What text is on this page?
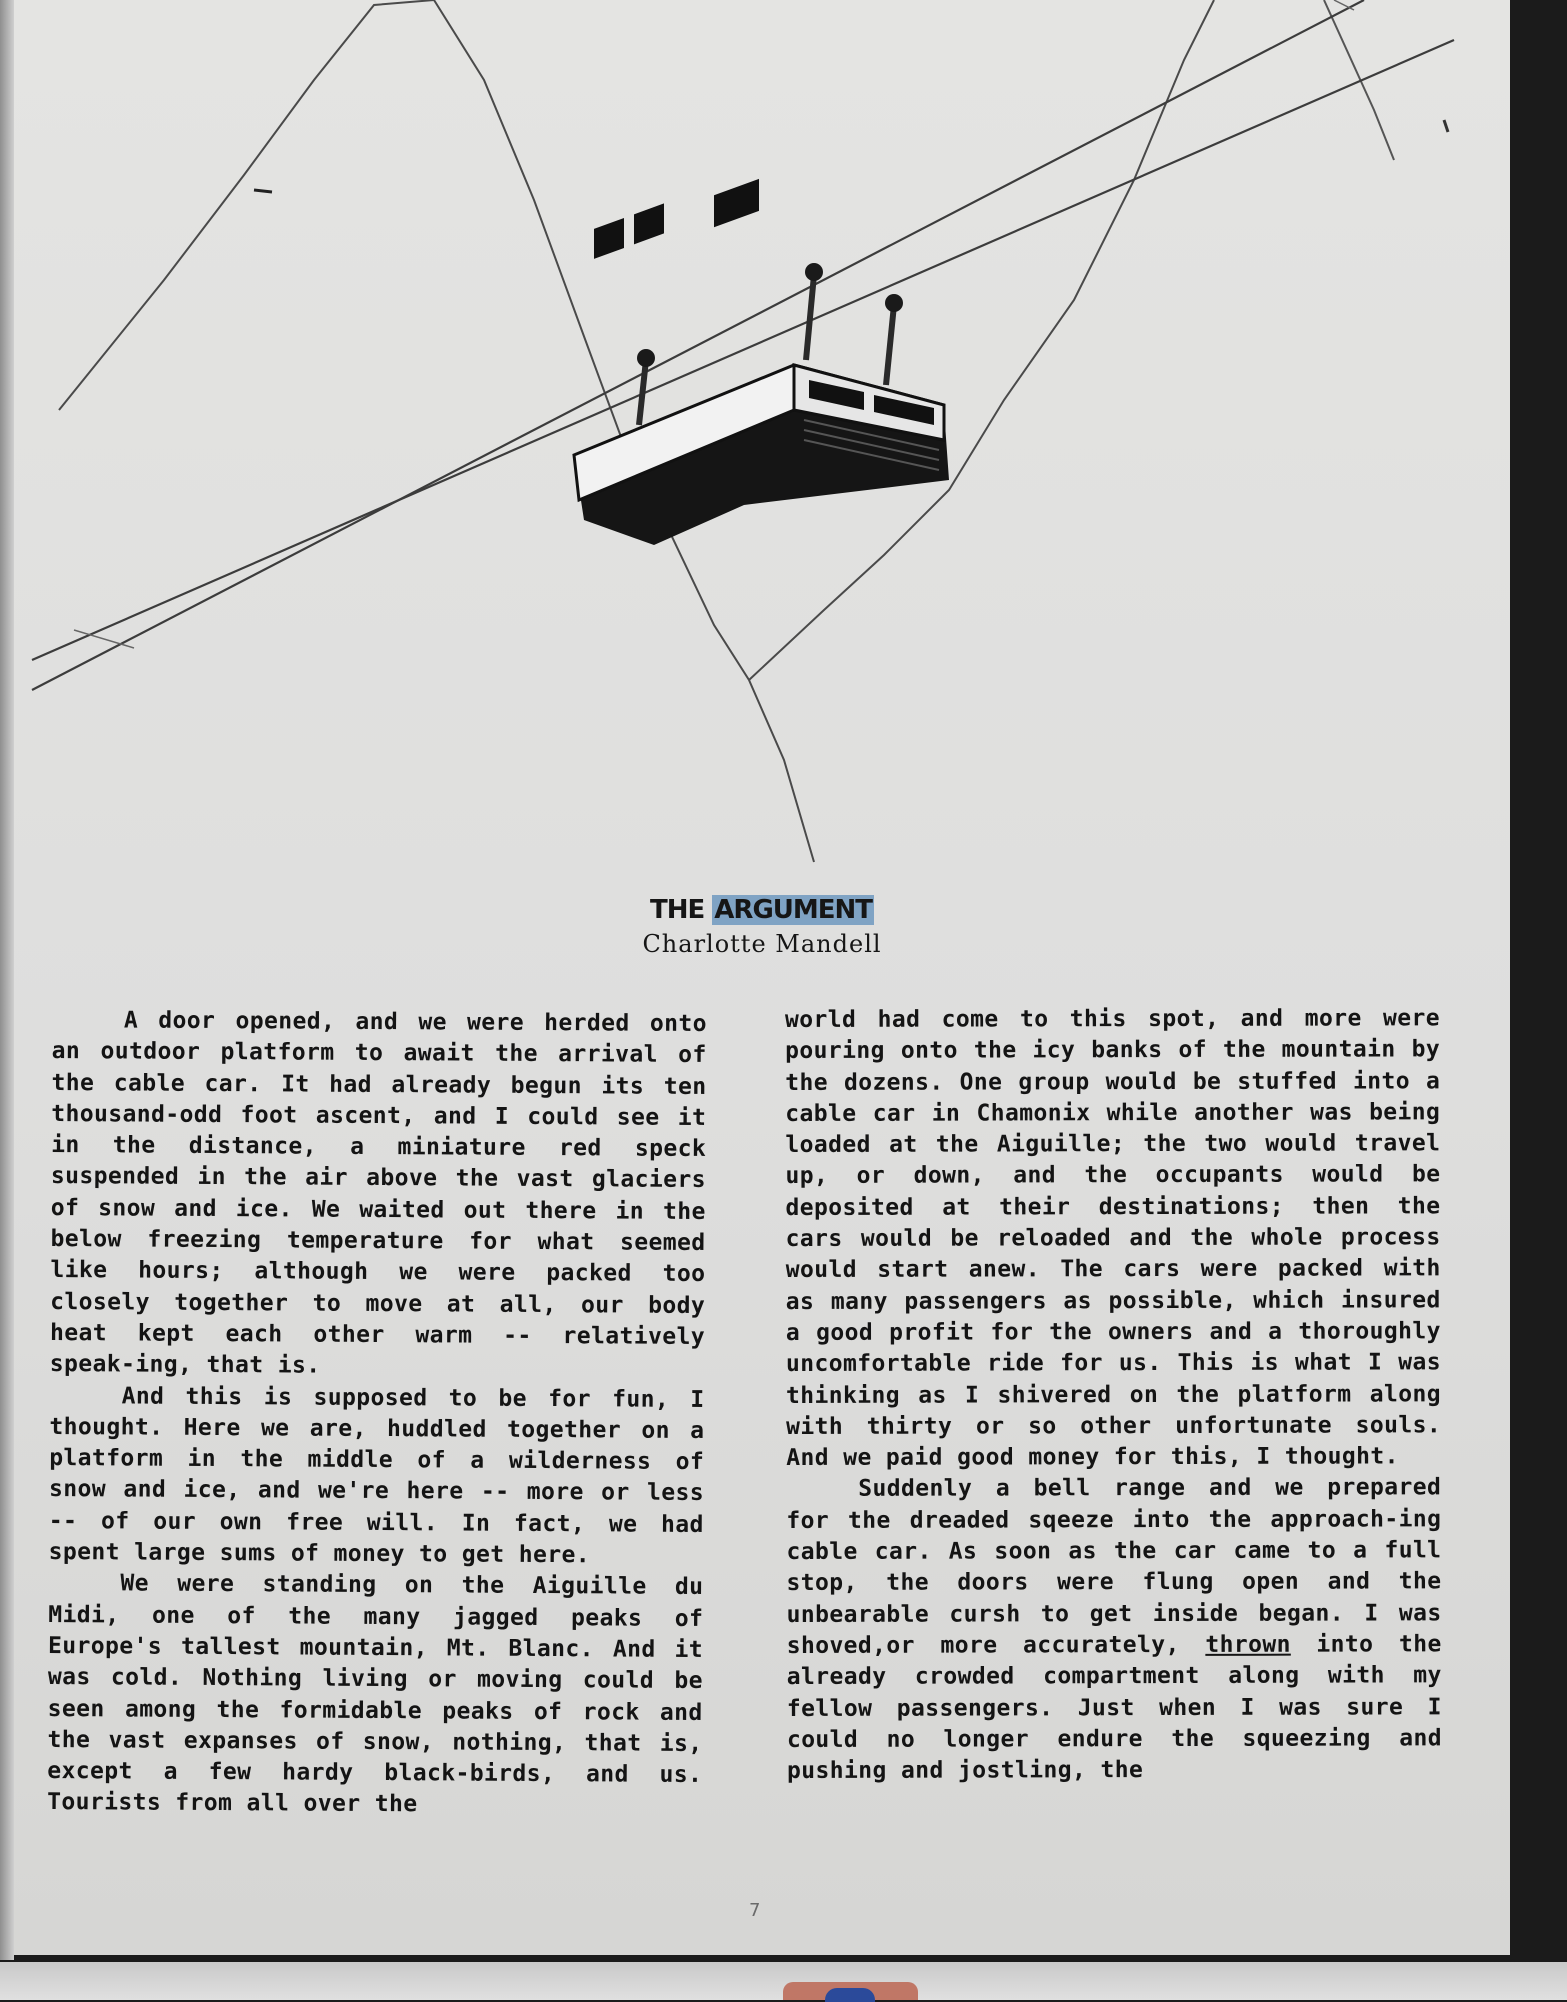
THE ARGUMENT
Charlotte Mandell

A door opened, and we were herded onto an outdoor platform to await the arrival of the cable car. It had already begun its ten thousand-odd foot ascent, and I could see it in the distance, a miniature red speck suspended in the air above the vast glaciers of snow and ice. We waited out there in the below freezing temperature for what seemed like hours; although we were packed too closely together to move at all, our body heat kept each other warm -- relatively speak-ing, that is.

And this is supposed to be for fun, I thought. Here we are, huddled together on a platform in the middle of a wilderness of snow and ice, and we're here -- more or less -- of our own free will. In fact, we had spent large sums of money to get here.

We were standing on the Aiguille du Midi, one of the many jagged peaks of Europe's tallest mountain, Mt. Blanc. And it was cold. Nothing living or moving could be seen among the formidable peaks of rock and the vast expanses of snow, nothing, that is, except a few hardy black-birds, and us. Tourists from all over the

world had come to this spot, and more were pouring onto the icy banks of the mountain by the dozens. One group would be stuffed into a cable car in Chamonix while another was being loaded at the Aiguille; the two would travel up, or down, and the occupants would be deposited at their destinations; then the cars would be reloaded and the whole process would start anew. The cars were packed with as many passengers as possible, which insured a good profit for the owners and a thoroughly uncomfortable ride for us. This is what I was thinking as I shivered on the platform along with thirty or so other unfortunate souls. And we paid good money for this, I thought.

Suddenly a bell range and we prepared for the dreaded sqeeze into the approach-ing cable car. As soon as the car came to a full stop, the doors were flung open and the unbearable cursh to get inside began. I was shoved,or more accurately, thrown into the already crowded compartment along with my fellow passengers. Just when I was sure I could no longer endure the squeezing and pushing and jostling, the

7
